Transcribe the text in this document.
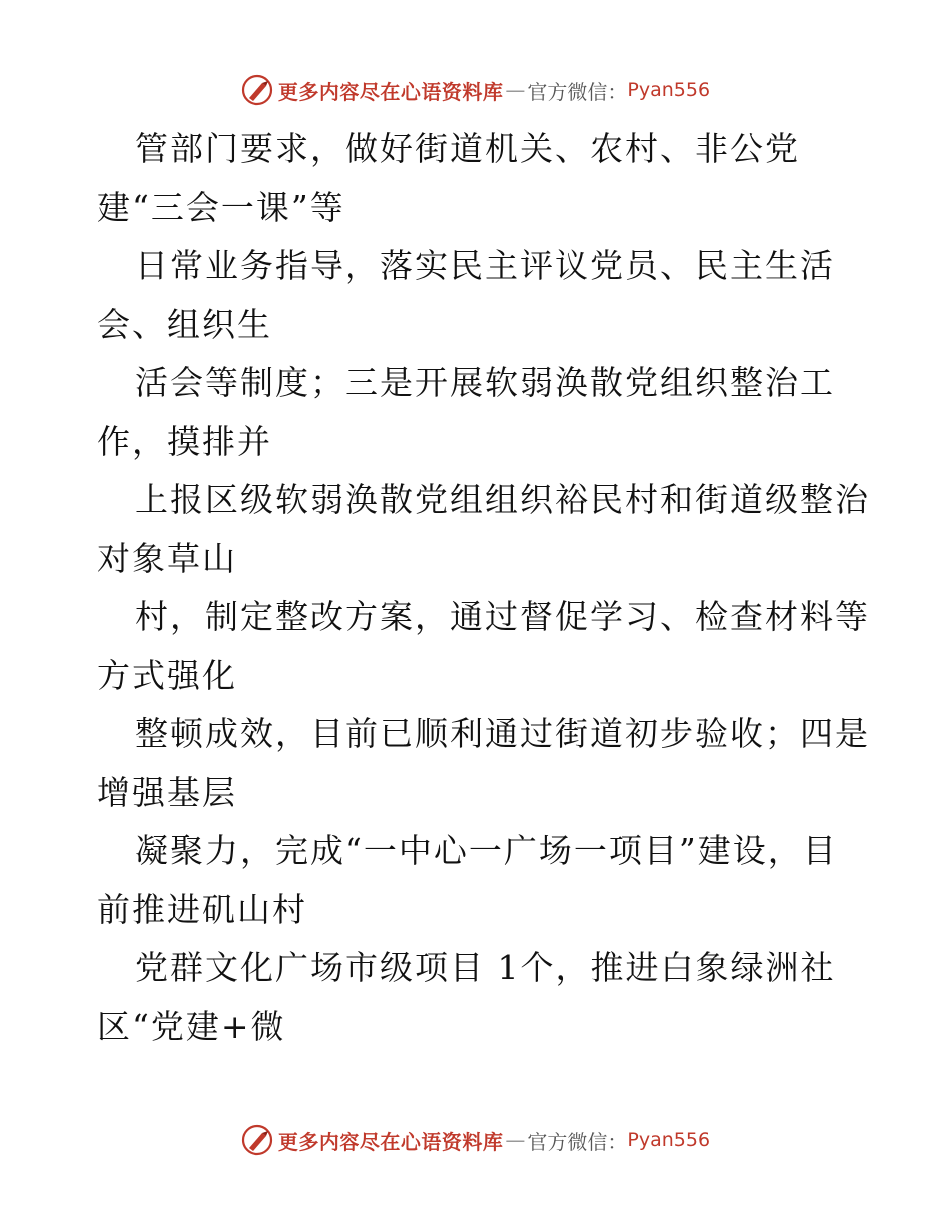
更多内容尽在心语资料库 — 官方微信： Pyan556
管部门要求，做好街道机关、农村、非公党
建“三会一课”等
日常业务指导，落实民主评议党员、民主生活
会、组织生
活会等制度；三是开展软弱涣散党组织整治工
作，摸排并
上报区级软弱涣散党组组织裕民村和街道级整治
对象草山
村，制定整改方案，通过督促学习、检查材料等
方式强化
整顿成效，目前已顺利通过街道初步验收；四是
增强基层
凝聚力，完成“一中心一广场一项目”建设，目
前推进矶山村
党群文化广场市级项目 1个，推进白象绿洲社
区“党建+微
更多内容尽在心语资料库 — 官方微信： Pyan556
